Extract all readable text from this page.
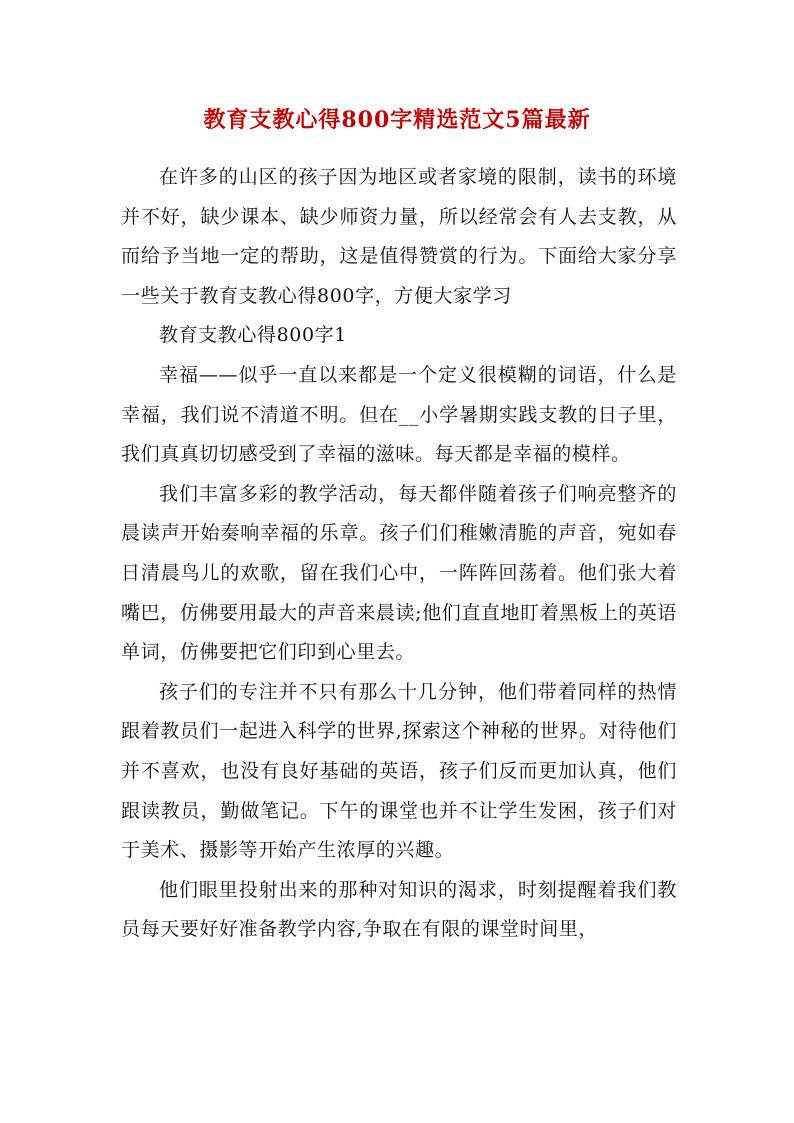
教育支教心得800字精选范文5篇最新

在许多的山区的孩子因为地区或者家境的限制，读书的环境并不好，缺少课本、缺少师资力量，所以经常会有人去支教，从而给予当地一定的帮助，这是值得赞赏的行为。下面给大家分享一些关于教育支教心得800字，方便大家学习

教育支教心得800字1

幸福——似乎一直以来都是一个定义很模糊的词语，什么是幸福，我们说不清道不明。但在__小学暑期实践支教的日子里，我们真真切切感受到了幸福的滋味。每天都是幸福的模样。

我们丰富多彩的教学活动，每天都伴随着孩子们响亮整齐的晨读声开始奏响幸福的乐章。孩子们们稚嫩清脆的声音，宛如春日清晨鸟儿的欢歌，留在我们心中，一阵阵回荡着。他们张大着嘴巴，仿佛要用最大的声音来晨读;他们直直地盯着黑板上的英语单词，仿佛要把它们印到心里去。

孩子们的专注并不只有那么十几分钟，他们带着同样的热情跟着教员们一起进入科学的世界,探索这个神秘的世界。对待他们并不喜欢，也没有良好基础的英语，孩子们反而更加认真，他们跟读教员，勤做笔记。下午的课堂也并不让学生发困，孩子们对于美术、摄影等开始产生浓厚的兴趣。

他们眼里投射出来的那种对知识的渴求，时刻提醒着我们教员每天要好好准备教学内容,争取在有限的课堂时间里，
